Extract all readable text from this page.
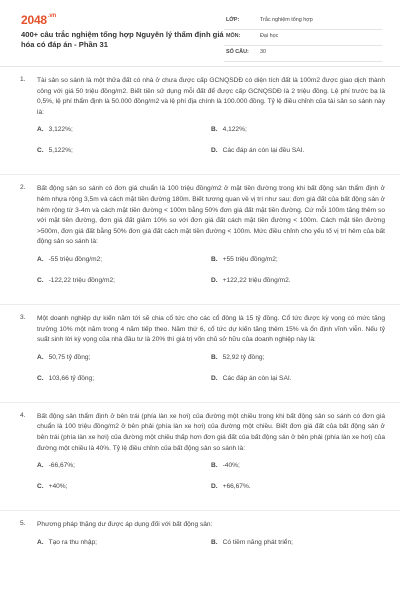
$2048^{.vn}$
400+ câu trắc nghiệm tổng hợp Nguyên lý thẩm định giá hóa có đáp án - Phần 31
LỚP:	Trắc nghiệm tổng hợp
MÔN:	Đại học
SỐ CÂU: 30
1. Tài sản so sánh là một thửa đất có nhà ở chưa được cấp GCNQSDĐ có diện tích đất là 100m2 được giao dịch thành công với giá 50 triệu đồng/m2. Biết tiền sử dụng mỗi đất để được cấp GCNQSDĐ là 2 triệu đồng. Lệ phí trước bạ là 0,5%, lệ phí thẩm định là 50.000 đồng/m2 và lệ phí địa chính là 100.000 đồng. Tỷ lệ điều chỉnh của tài sản so sánh này là:
A. 3,122%;	B. 4,122%;
C. 5,122%;	D. Các đáp án còn lại đều SAI.
2. Bất động sản so sánh có đơn giá chuẩn là 100 triệu đồng/m2 ở mặt tiền đường trong khi bất động sản thẩm định ở hẻm nhựa rộng 3,5m và cách mặt tiền đường 180m. Biết tương quan về vị trí như sau: đơn giá đất của bất động sản ở hẻm rộng từ 3-4m và cách mặt tiền đường < 100m bằng 50% đơn giá đất mặt tiền đường. Cứ mỗi 100m tăng thêm so với mặt tiền đường, đơn giá đất giảm 10% so với đơn giá đất cách mặt tiền đường < 100m. Cách mặt tiền đường >500m, đơn giá đất bằng 50% đơn giá đất cách mặt tiền đường < 100m. Mức điều chỉnh cho yếu tố vị trí hẻm của bất động sản so sánh là:
A. -55 triệu đồng/m2;	B. +55 triệu đồng/m2;
C. -122,22 triệu đồng/m2;	D. +122,22 triệu đồng/m2.
3. Một doanh nghiệp dự kiến năm tới sẽ chia cổ tức cho các cổ đông là 15 tỷ đồng. Cổ tức được kỳ vọng có mức tăng trưởng 10% một năm trong 4 năm tiếp theo. Năm thứ 6, cổ tức dự kiến tăng thêm 15% và ổn định vĩnh viễn. Nếu tỷ suất sinh lời kỳ vọng của nhà đầu tư là 20% thì giá trị vốn chủ sở hữu của doanh nghiệp này là:
A. 50,75 tỷ đồng;	B. 52,92 tỷ đồng;
C. 103,66 tỷ đồng;	D. Các đáp án còn lại SAI.
4. Bất động sản thẩm định ở bên trái (phía làn xe hơi) của đường một chiều trong khi bất động sản so sánh có đơn giá chuẩn là 100 triệu đồng/m2 ở bên phải (phía làn xe hơi) của đường một chiều. Biết đơn giá đất của bất động sản ở bên trái (phía làn xe hơi) của đường một chiều thấp hơn đơn giá đất của bất động sản ở bên phải (phía làn xe hơi) của đường một chiều là 40%. Tỷ lệ điều chỉnh của bất động sản so sánh là:
A. -66,67%;	B. -40%;
C. +40%;	D. +66,67%.
5. Phương pháp thặng dư được áp dụng đối với bất động sản:
A. Tạo ra thu nhập;	B. Có tiềm năng phát triển;
